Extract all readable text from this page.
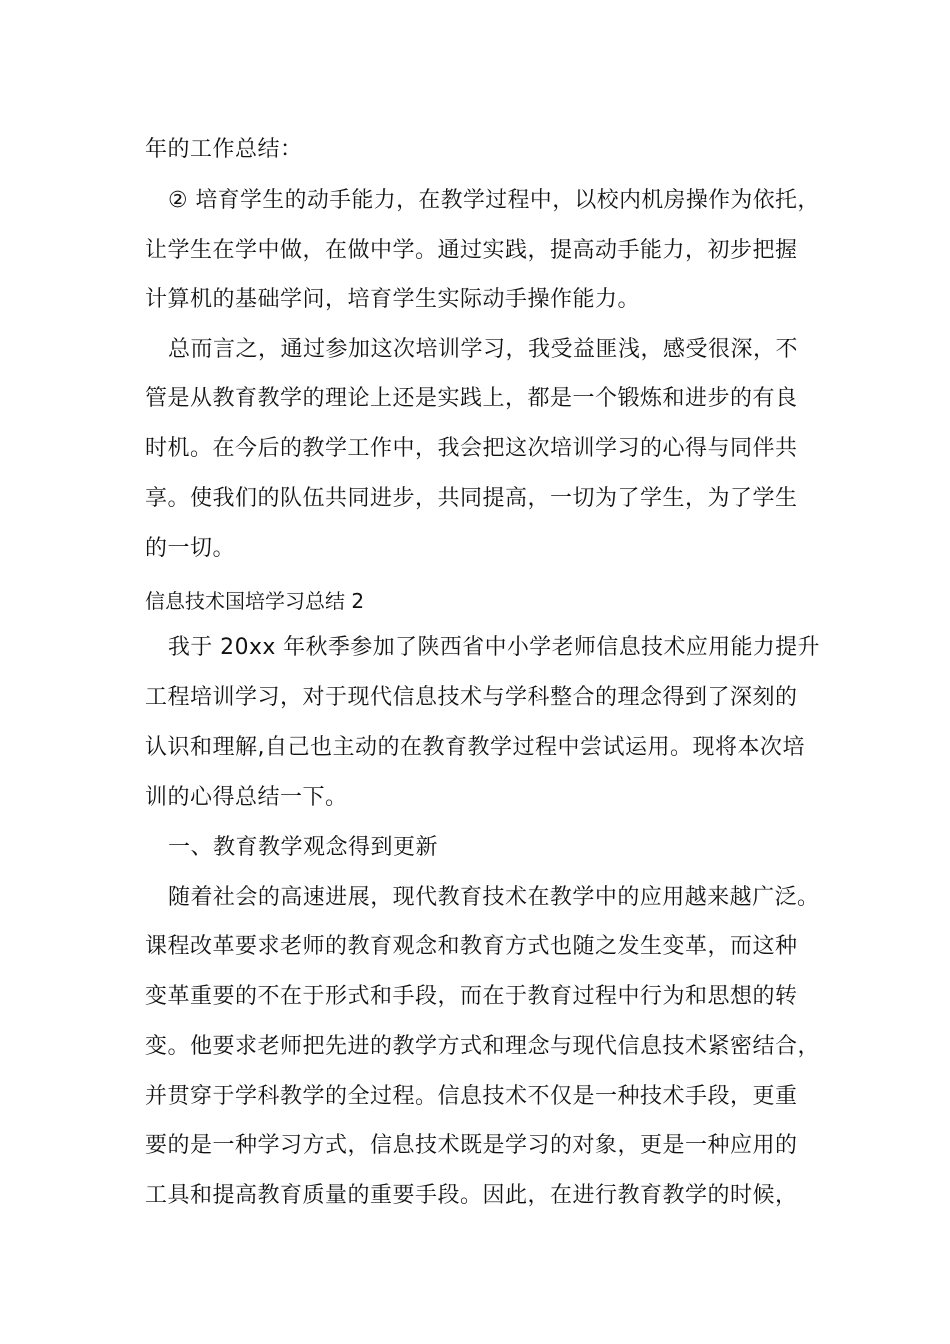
年的工作总结：
② 培育学生的动手能力，在教学过程中，以校内机房操作为依托，
让学生在学中做，在做中学。通过实践，提高动手能力，初步把握
计算机的基础学问，培育学生实际动手操作能力。
总而言之，通过参加这次培训学习，我受益匪浅，感受很深，不
管是从教育教学的理论上还是实践上，都是一个锻炼和进步的有良
时机。在今后的教学工作中，我会把这次培训学习的心得与同伴共
享。使我们的队伍共同进步，共同提高，一切为了学生，为了学生
的一切。
信息技术国培学习总结 2
我于 20xx 年秋季参加了陕西省中小学老师信息技术应用能力提升
工程培训学习，对于现代信息技术与学科整合的理念得到了深刻的
认识和理解,自己也主动的在教育教学过程中尝试运用。现将本次培
训的心得总结一下。
一、教育教学观念得到更新
随着社会的高速进展，现代教育技术在教学中的应用越来越广泛。
课程改革要求老师的教育观念和教育方式也随之发生变革，而这种
变革重要的不在于形式和手段，而在于教育过程中行为和思想的转
变。他要求老师把先进的教学方式和理念与现代信息技术紧密结合，
并贯穿于学科教学的全过程。信息技术不仅是一种技术手段，更重
要的是一种学习方式，信息技术既是学习的对象，更是一种应用的
工具和提高教育质量的重要手段。因此，在进行教育教学的时候，
